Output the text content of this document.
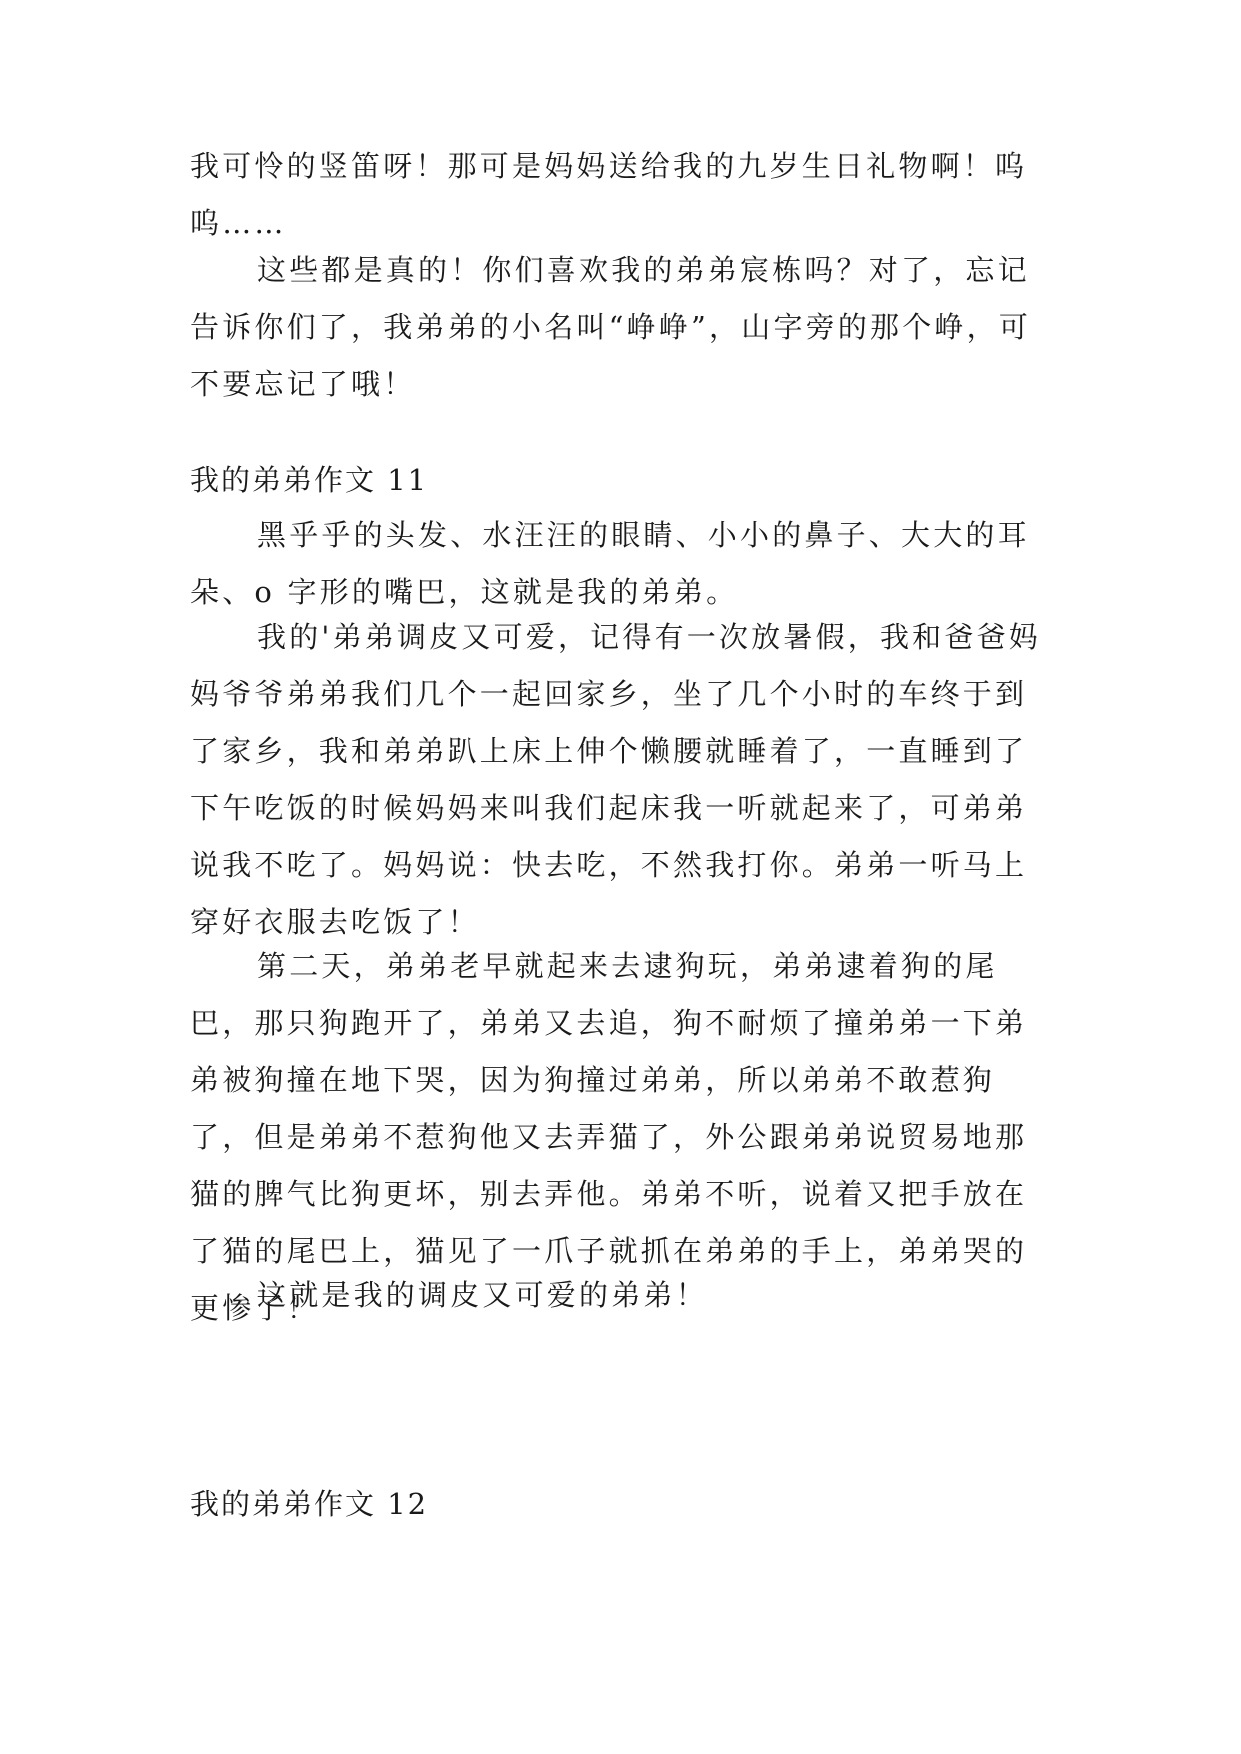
我可怜的竖笛呀！那可是妈妈送给我的九岁生日礼物啊！呜呜……

这些都是真的！你们喜欢我的弟弟宸栋吗？对了，忘记告诉你们了，我弟弟的小名叫“峥峥”，山字旁的那个峥，可不要忘记了哦！

我的弟弟作文 11

黑乎乎的头发、水汪汪的眼睛、小小的鼻子、大大的耳朵、o 字形的嘴巴，这就是我的弟弟。

我的'弟弟调皮又可爱，记得有一次放暑假，我和爸爸妈妈爷爷弟弟我们几个一起回家乡，坐了几个小时的车终于到了家乡，我和弟弟趴上床上伸个懒腰就睡着了，一直睡到了下午吃饭的时候妈妈来叫我们起床我一听就起来了，可弟弟说我不吃了。妈妈说：快去吃，不然我打你。弟弟一听马上穿好衣服去吃饭了！

第二天，弟弟老早就起来去逮狗玩，弟弟逮着狗的尾巴，那只狗跑开了，弟弟又去追，狗不耐烦了撞弟弟一下弟弟被狗撞在地下哭，因为狗撞过弟弟，所以弟弟不敢惹狗了，但是弟弟不惹狗他又去弄猫了，外公跟弟弟说贸易地那猫的脾气比狗更坏，别去弄他。弟弟不听，说着又把手放在了猫的尾巴上，猫见了一爪子就抓在弟弟的手上，弟弟哭的更惨了！

这就是我的调皮又可爱的弟弟！

我的弟弟作文 12
